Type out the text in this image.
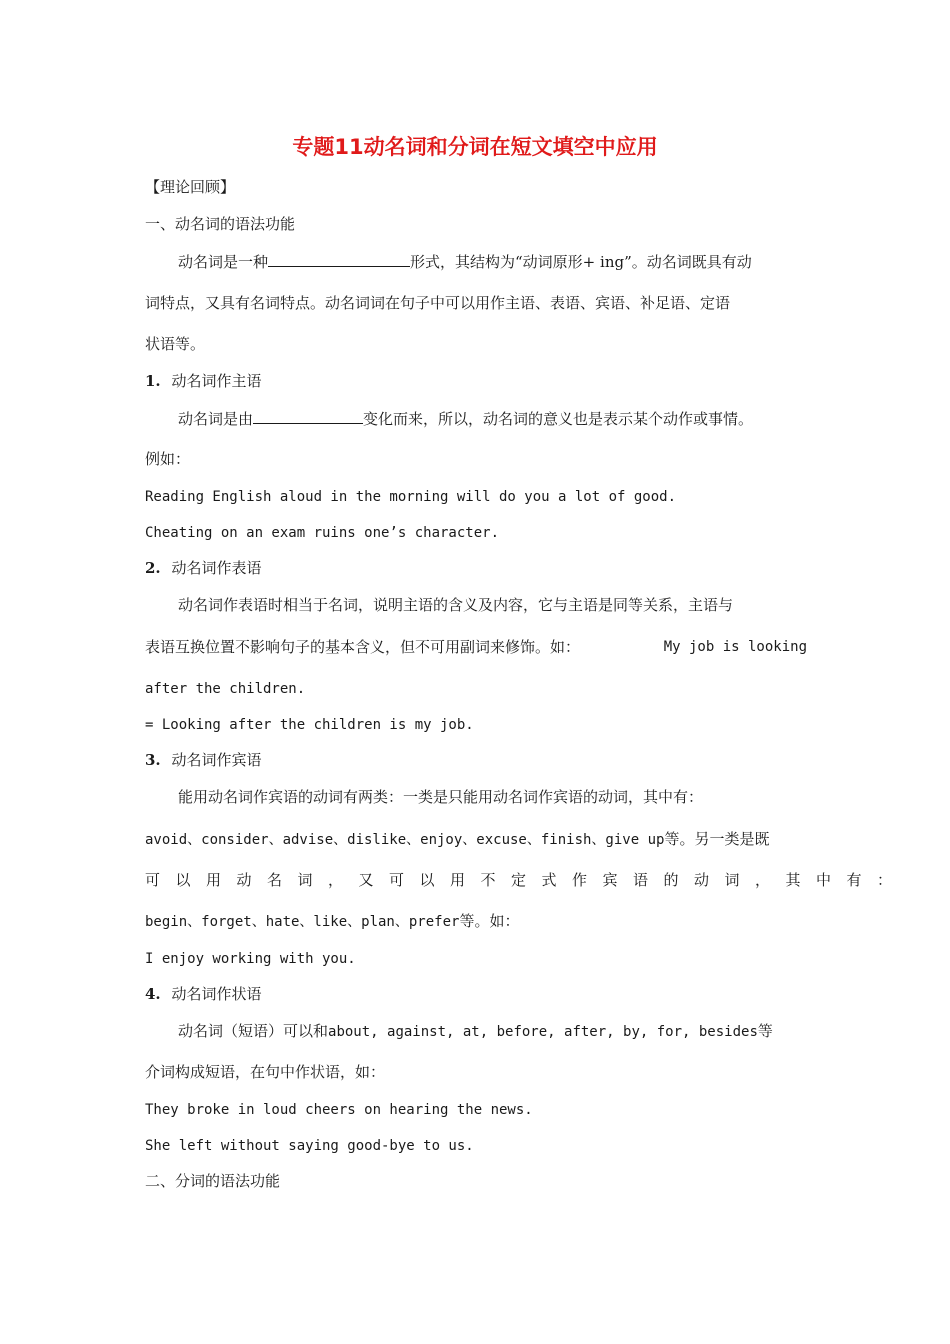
专题11动名词和分词在短文填空中应用
【理论回顾】
一、动名词的语法功能
动名词是一种	形式，其结构为“动词原形+ ing”。动名词既具有动
词特点，又具有名词特点。动名词词在句子中可以用作主语、表语、宾语、补足语、定语
状语等。
1. 动名词作主语
动名词是由	变化而来，所以，动名词的意义也是表示某个动作或事情。
例如：
Reading English aloud in the morning will do you a lot of good.
Cheating on an exam ruins one’s character.
2. 动名词作表语
动名词作表语时相当于名词，说明主语的含义及内容，它与主语是同等关系，主语与
表语互换位置不影响句子的基本含义，但不可用副词来修饰。如：	My job is looking
after the children.
= Looking after the children is my job.
3. 动名词作宾语
能用动名词作宾语的动词有两类：一类是只能用动名词作宾语的动词，其中有：
avoid、consider、advise、dislike、enjoy、excuse、finish、give up等。另一类是既
可以用动名词，又可以用不定式作宾语的动词，其中有：
begin、forget、hate、like、plan、prefer等。如：
I enjoy working with you.
4. 动名词作状语
动名词（短语）可以和about, against, at, before, after, by, for, besides等
介词构成短语，在句中作状语，如：
They broke in loud cheers on hearing the news.
She left without saying good-bye to us.
二、分词的语法功能
